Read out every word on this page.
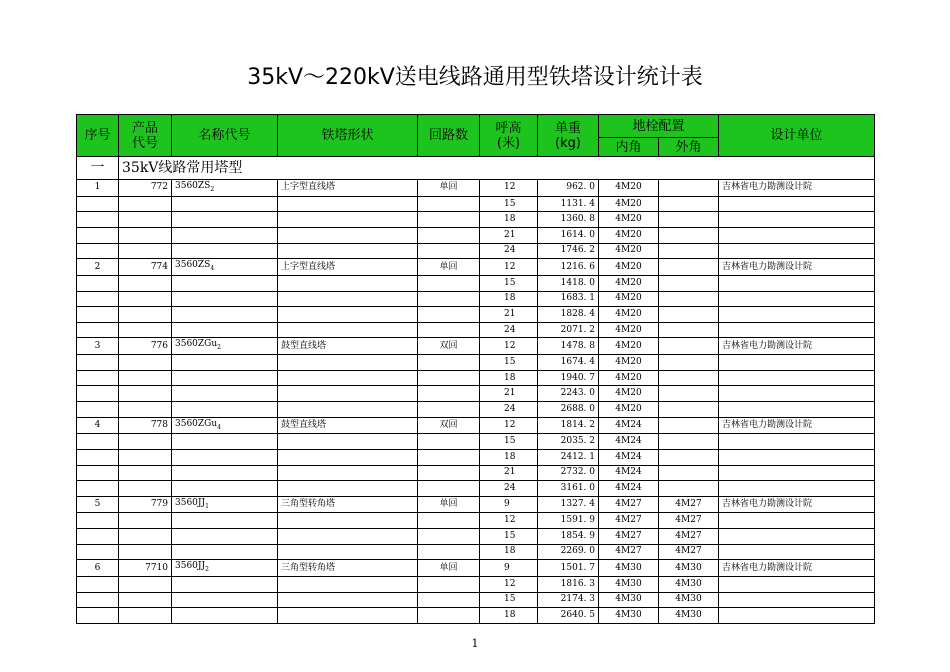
35kV～220kV送电线路通用型铁塔设计统计表
序号	产品代号	名称代号	铁塔形状	回路数	呼高(米)	单重(kg)	地栓配置		设计单位
							内角	外角	
一	35kV线路常用塔型								
1	772	$3560ZS_2$	上字型直线塔	单回	12	962. 0	4M20		吉林省电力勘测设计院
					15	1131. 4	4M20		
					18	1360. 8	4M20		
					21	1614. 0	4M20		
					24	1746. 2	4M20		
2	774	$3560ZS_4$	上字型直线塔	单回	12	1216. 6	4M20		吉林省电力勘测设计院
					15	1418. 0	4M20		
					18	1683. 1	4M20		
					21	1828. 4	4M20		
					24	2071. 2	4M20		
3	776	3560ZGu$_2$	鼓型直线塔	双回	12	1478. 8	4M20		吉林省电力勘测设计院
					15	1674. 4	4M20		
					18	1940. 7	4M20		
					21	2243. 0	4M20		
					24	2688. 0	4M20		
4	778	3560ZGu$_4$	鼓型直线塔	双回	12	1814. 2	4M24		吉林省电力勘测设计院
					15	2035. 2	4M24		
					18	2412. 1	4M24		
					21	2732. 0	4M24		
					24	3161. 0	4M24		
5	779	$3560JJ_1$	三角型转角塔	单回	9	1327. 4	4M27	4M27	吉林省电力勘测设计院
					12	1591. 9	4M27	4M27	
					15	1854. 9	4M27	4M27	
					18	2269. 0	4M27	4M27	
6	7710	$3560JJ_2$	三角型转角塔	单回	9	1501. 7	4M30	4M30	吉林省电力勘测设计院
					12	1816. 3	4M30	4M30	
					15	2174. 3	4M30	4M30	
					18	2640. 5	4M30	4M30	
1
